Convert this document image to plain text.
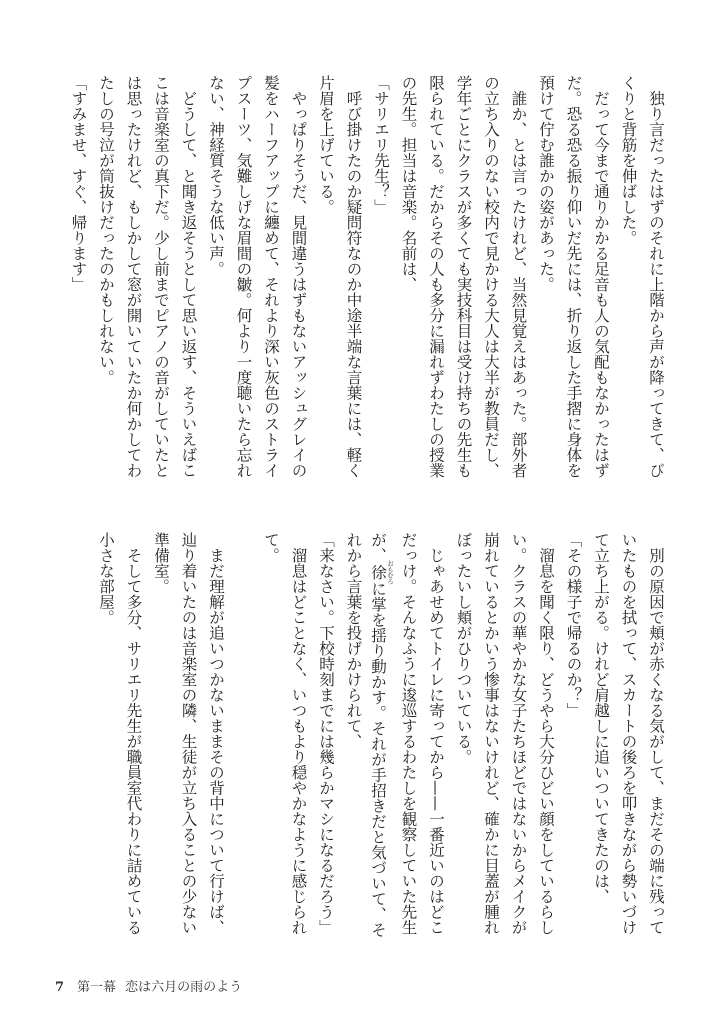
　独り言だったはずのそれに上階から声が降ってきて、び
くりと背筋を伸ばした。
　だって今まで通りかかる足音も人の気配もなかったはず
だ。恐る恐る振り仰いだ先には、折り返した手摺に身体を
預けて佇む誰かの姿があった。
　誰か、とは言ったけれど、当然見覚えはあった。部外者
の立ち入りのない校内で見かける大人は大半が教員だし、
学年ごとにクラスが多くても実技科目は受け持ちの先生も
限られている。だからその人も多分に漏れずわたしの授業
の先生。担当は音楽。名前は、
「サリエリ先生？」
　呼び掛けたのか疑問符なのか中途半端な言葉には、軽く
片眉を上げている。
　やっぱりそうだ、見間違うはずもないアッシュグレイの
髪をハーフアップに纏めて、それより深い灰色のストライ
プスーツ、気難しげな眉間の皺。何より一度聴いたら忘れ
ない、神経質そうな低い声。
　どうして、と聞き返そうとして思い返す、そういえばこ
こは音楽室の真下だ。少し前までピアノの音がしていたと
は思ったけれど、もしかして窓が開いていたか何かしてわ
たしの号泣が筒抜けだったのかもしれない。
「すみませ、すぐ、帰ります」
　別の原因で頬が赤くなる気がして、まだその端に残って
いたものを拭って、スカートの後ろを叩きながら勢いづけ
て立ち上がる。けれど肩越しに追いついてきたのは、
「その様子で帰るのか？」
　溜息を聞く限り、どうやら大分ひどい顔をしているらし
い。クラスの華やかな女子たちほどではないからメイクが
崩れているとかいう惨事はないけれど、確かに目蓋が腫れ
ぼったいし頬がひりついている。
　じゃあせめてトイレに寄ってから——一番近いのはどこ
だっけ。そんなふうに逡巡するわたしを観察していた先生
が、徐 おもむろに掌を揺り動かす。それが手招きだと気づいて、そ
れから言葉を投げかけられて、
「来なさい。下校時刻までには幾らかマシになるだろう」
　溜息はどことなく、いつもより穏やかなように感じられ
て。
　まだ理解が追いつかないままその背中について行けば、
辿り着いたのは音楽室の隣、生徒が立ち入ることの少ない
準備室。
　そして多分、サリエリ先生が職員室代わりに詰めている
小さな部屋。
7 第一幕 恋は六月の雨のよう
